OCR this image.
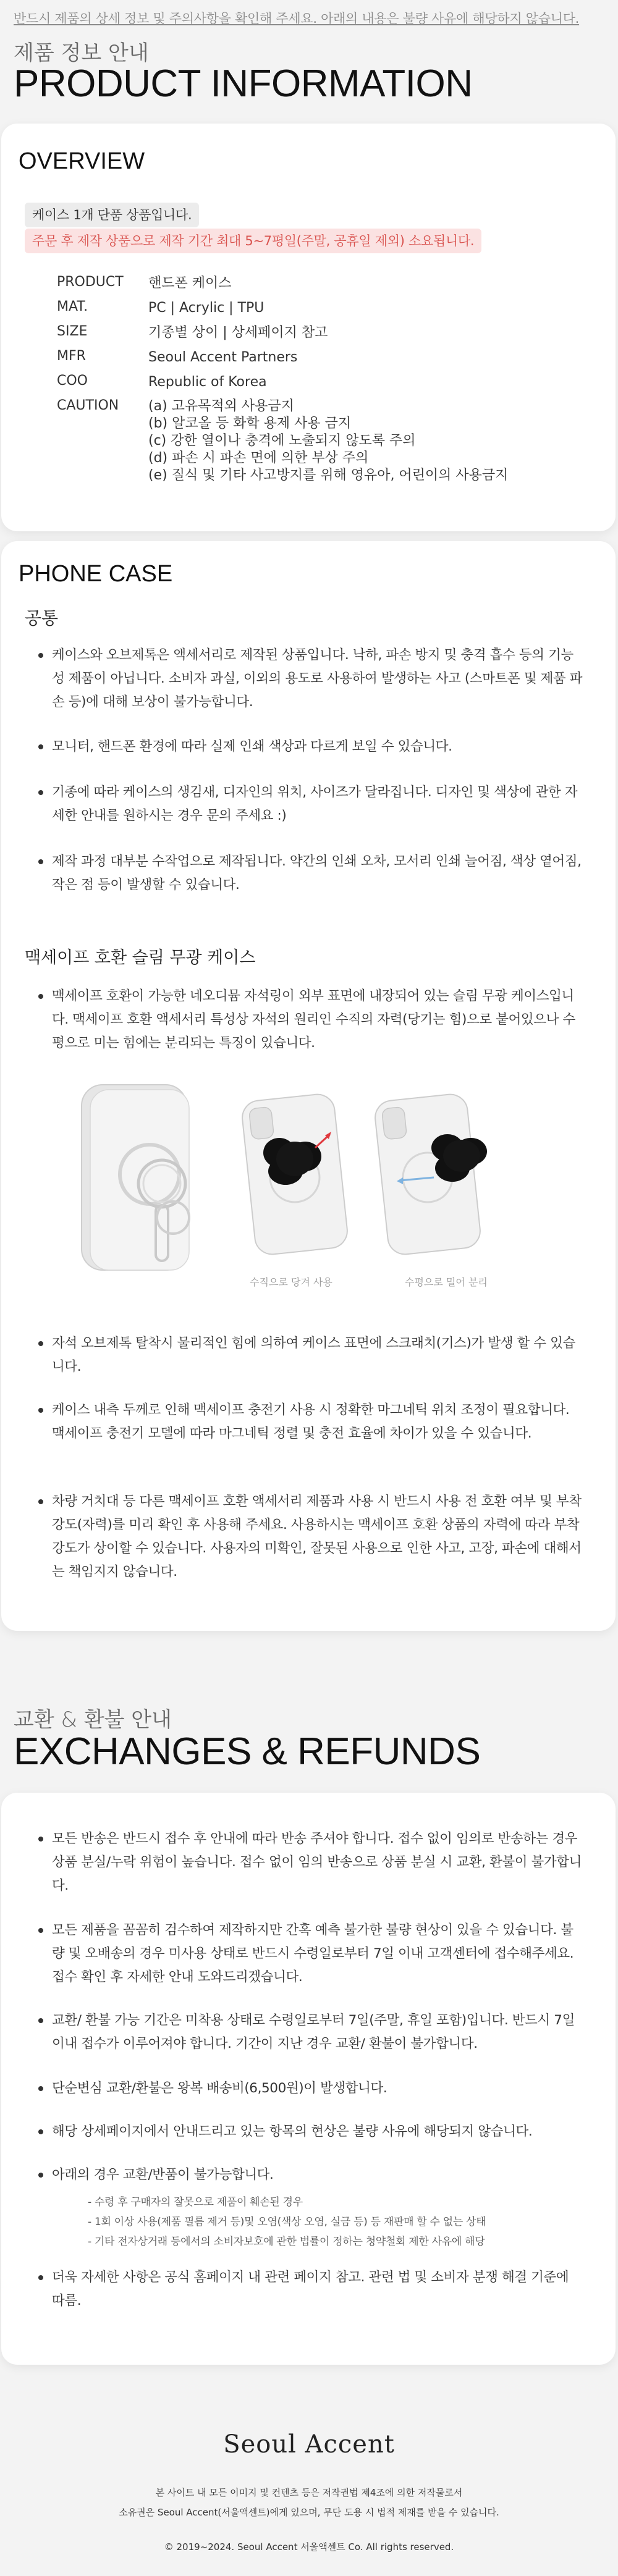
반드시 제품의 상세 정보 및 주의사항을 확인해 주세요. 아래의 내용은 불량 사유에 해당하지 않습니다.
제품 정보 안내
PRODUCT INFORMATION
OVERVIEW
케이스 1개 단품 상품입니다.
주문 후 제작 상품으로 제작 기간 최대 5~7평일(주말, 공휴일 제외) 소요됩니다.
PRODUCT	핸드폰 케이스
MAT.	PC | Acrylic | TPU
SIZE	기종별 상이 | 상세페이지 참고
MFR	Seoul Accent Partners
COO	Republic of Korea
CAUTION	(a) 고유목적외 사용금지
(b) 알코올 등 화학 용제 사용 금지
(c) 강한 열이나 충격에 노출되지 않도록 주의
(d) 파손 시 파손 면에 의한 부상 주의
(e) 질식 및 기타 사고방지를 위해 영유아, 어린이의 사용금지
PHONE CASE
공통
케이스와 오브제톡은 액세서리로 제작된 상품입니다. 낙하, 파손 방지 및 충격 흡수 등의 기능성 제품이 아닙니다. 소비자 과실, 이외의 용도로 사용하여 발생하는 사고 (스마트폰 및 제품 파손 등)에 대해 보상이 불가능합니다.
모니터, 핸드폰 환경에 따라 실제 인쇄 색상과 다르게 보일 수 있습니다.
기종에 따라 케이스의 생김새, 디자인의 위치, 사이즈가 달라집니다. 디자인 및 색상에 관한 자세한 안내를 원하시는 경우 문의 주세요 :)
제작 과정 대부분 수작업으로 제작됩니다. 약간의 인쇄 오차, 모서리 인쇄 늘어짐, 색상 옅어짐, 작은 점 등이 발생할 수 있습니다.
맥세이프 호환 슬림 무광 케이스
맥세이프 호환이 가능한 네오디뮴 자석링이 외부 표면에 내장되어 있는 슬림 무광 케이스입니다. 맥세이프 호환 액세서리 특성상 자석의 원리인 수직의 자력(당기는 힘)으로 붙어있으나 수평으로 미는 힘에는 분리되는 특징이 있습니다.
수직으로 당겨 사용	수평으로 밀어 분리
자석 오브제톡 탈착시 물리적인 힘에 의하여 케이스 표면에 스크래치(기스)가 발생 할 수 있습니다.
케이스 내측 두께로 인해 맥세이프 충전기 사용 시 정확한 마그네틱 위치 조정이 필요합니다. 맥세이프 충전기 모델에 따라 마그네틱 정렬 및 충전 효율에 차이가 있을 수 있습니다.
차량 거치대 등 다른 맥세이프 호환 액세서리 제품과 사용 시 반드시 사용 전 호환 여부 및 부착 강도(자력)를 미리 확인 후 사용해 주세요. 사용하시는 맥세이프 호환 상품의 자력에 따라 부착 강도가 상이할 수 있습니다. 사용자의 미확인, 잘못된 사용으로 인한 사고, 고장, 파손에 대해서는 책임지지 않습니다.
교환 & 환불 안내
EXCHANGES & REFUNDS
모든 반송은 반드시 접수 후 안내에 따라 반송 주셔야 합니다. 접수 없이 임의로 반송하는 경우 상품 분실/누락 위험이 높습니다. 접수 없이 임의 반송으로 상품 분실 시 교환, 환불이 불가합니다.
모든 제품을 꼼꼼히 검수하여 제작하지만 간혹 예측 불가한 불량 현상이 있을 수 있습니다. 불량 및 오배송의 경우 미사용 상태로 반드시 수령일로부터 7일 이내 고객센터에 접수해주세요. 접수 확인 후 자세한 안내 도와드리겠습니다.
교환/ 환불 가능 기간은 미착용 상태로 수령일로부터 7일(주말, 휴일 포함)입니다. 반드시 7일 이내 접수가 이루어져야 합니다. 기간이 지난 경우 교환/ 환불이 불가합니다.
단순변심 교환/환불은 왕복 배송비(6,500원)이 발생합니다.
해당 상세페이지에서 안내드리고 있는 항목의 현상은 불량 사유에 해당되지 않습니다.
아래의 경우 교환/반품이 불가능합니다.
- 수령 후 구매자의 잘못으로 제품이 훼손된 경우
- 1회 이상 사용(제품 필름 제거 등)및 오염(색상 오염, 실금 등) 등 재판매 할 수 없는 상태
- 기타 전자상거래 등에서의 소비자보호에 관한 법률이 정하는 청약철회 제한 사유에 해당
더욱 자세한 사항은 공식 홈페이지 내 관련 페이지 참고. 관련 법 및 소비자 분쟁 해결 기준에 따름.
Seoul Accent
본 사이트 내 모든 이미지 및 컨텐츠 등은 저작권법 제4조에 의한 저작물로서
소유권은 Seoul Accent(서울액센트)에게 있으며, 무단 도용 시 법적 제재를 받을 수 있습니다.
© 2019~2024. Seoul Accent 서울액센트 Co. All rights reserved.
